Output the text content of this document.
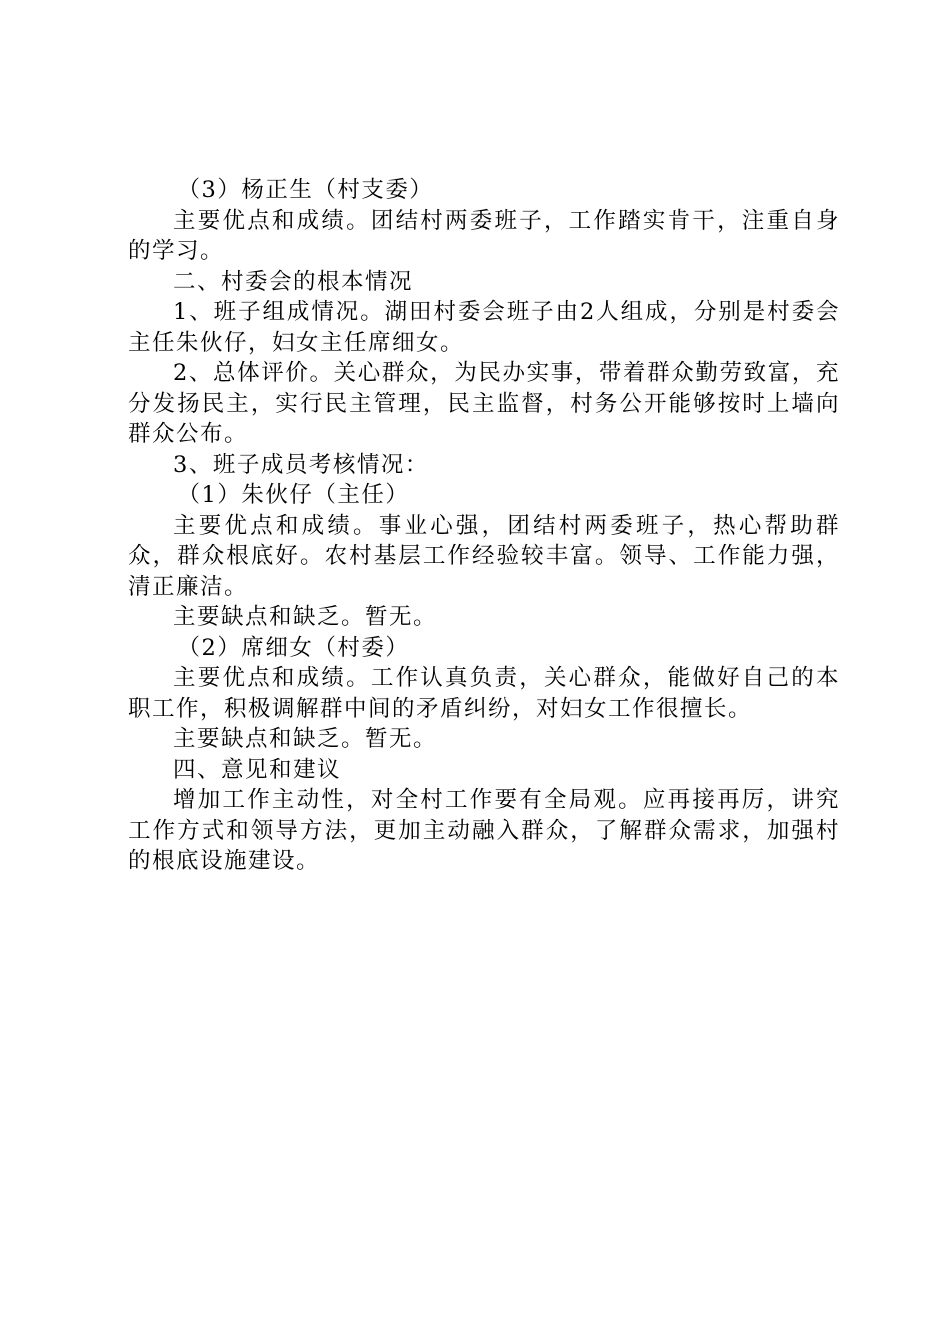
（3）杨正生（村支委）

主要优点和成绩。团结村两委班子，工作踏实肯干，注重自身的学习。

二、村委会的根本情况

1、班子组成情况。湖田村委会班子由2人组成，分别是村委会主任朱伙仔，妇女主任席细女。

2、总体评价。关心群众，为民办实事，带着群众勤劳致富，充分发扬民主，实行民主管理，民主监督，村务公开能够按时上墙向群众公布。

3、班子成员考核情况：

（1）朱伙仔（主任）

主要优点和成绩。事业心强，团结村两委班子，热心帮助群众，群众根底好。农村基层工作经验较丰富。领导、工作能力强，清正廉洁。

主要缺点和缺乏。暂无。

（2）席细女（村委）

主要优点和成绩。工作认真负责，关心群众，能做好自己的本职工作，积极调解群中间的矛盾纠纷，对妇女工作很擅长。

主要缺点和缺乏。暂无。

四、意见和建议

增加工作主动性，对全村工作要有全局观。应再接再厉，讲究工作方式和领导方法，更加主动融入群众，了解群众需求，加强村的根底设施建设。
